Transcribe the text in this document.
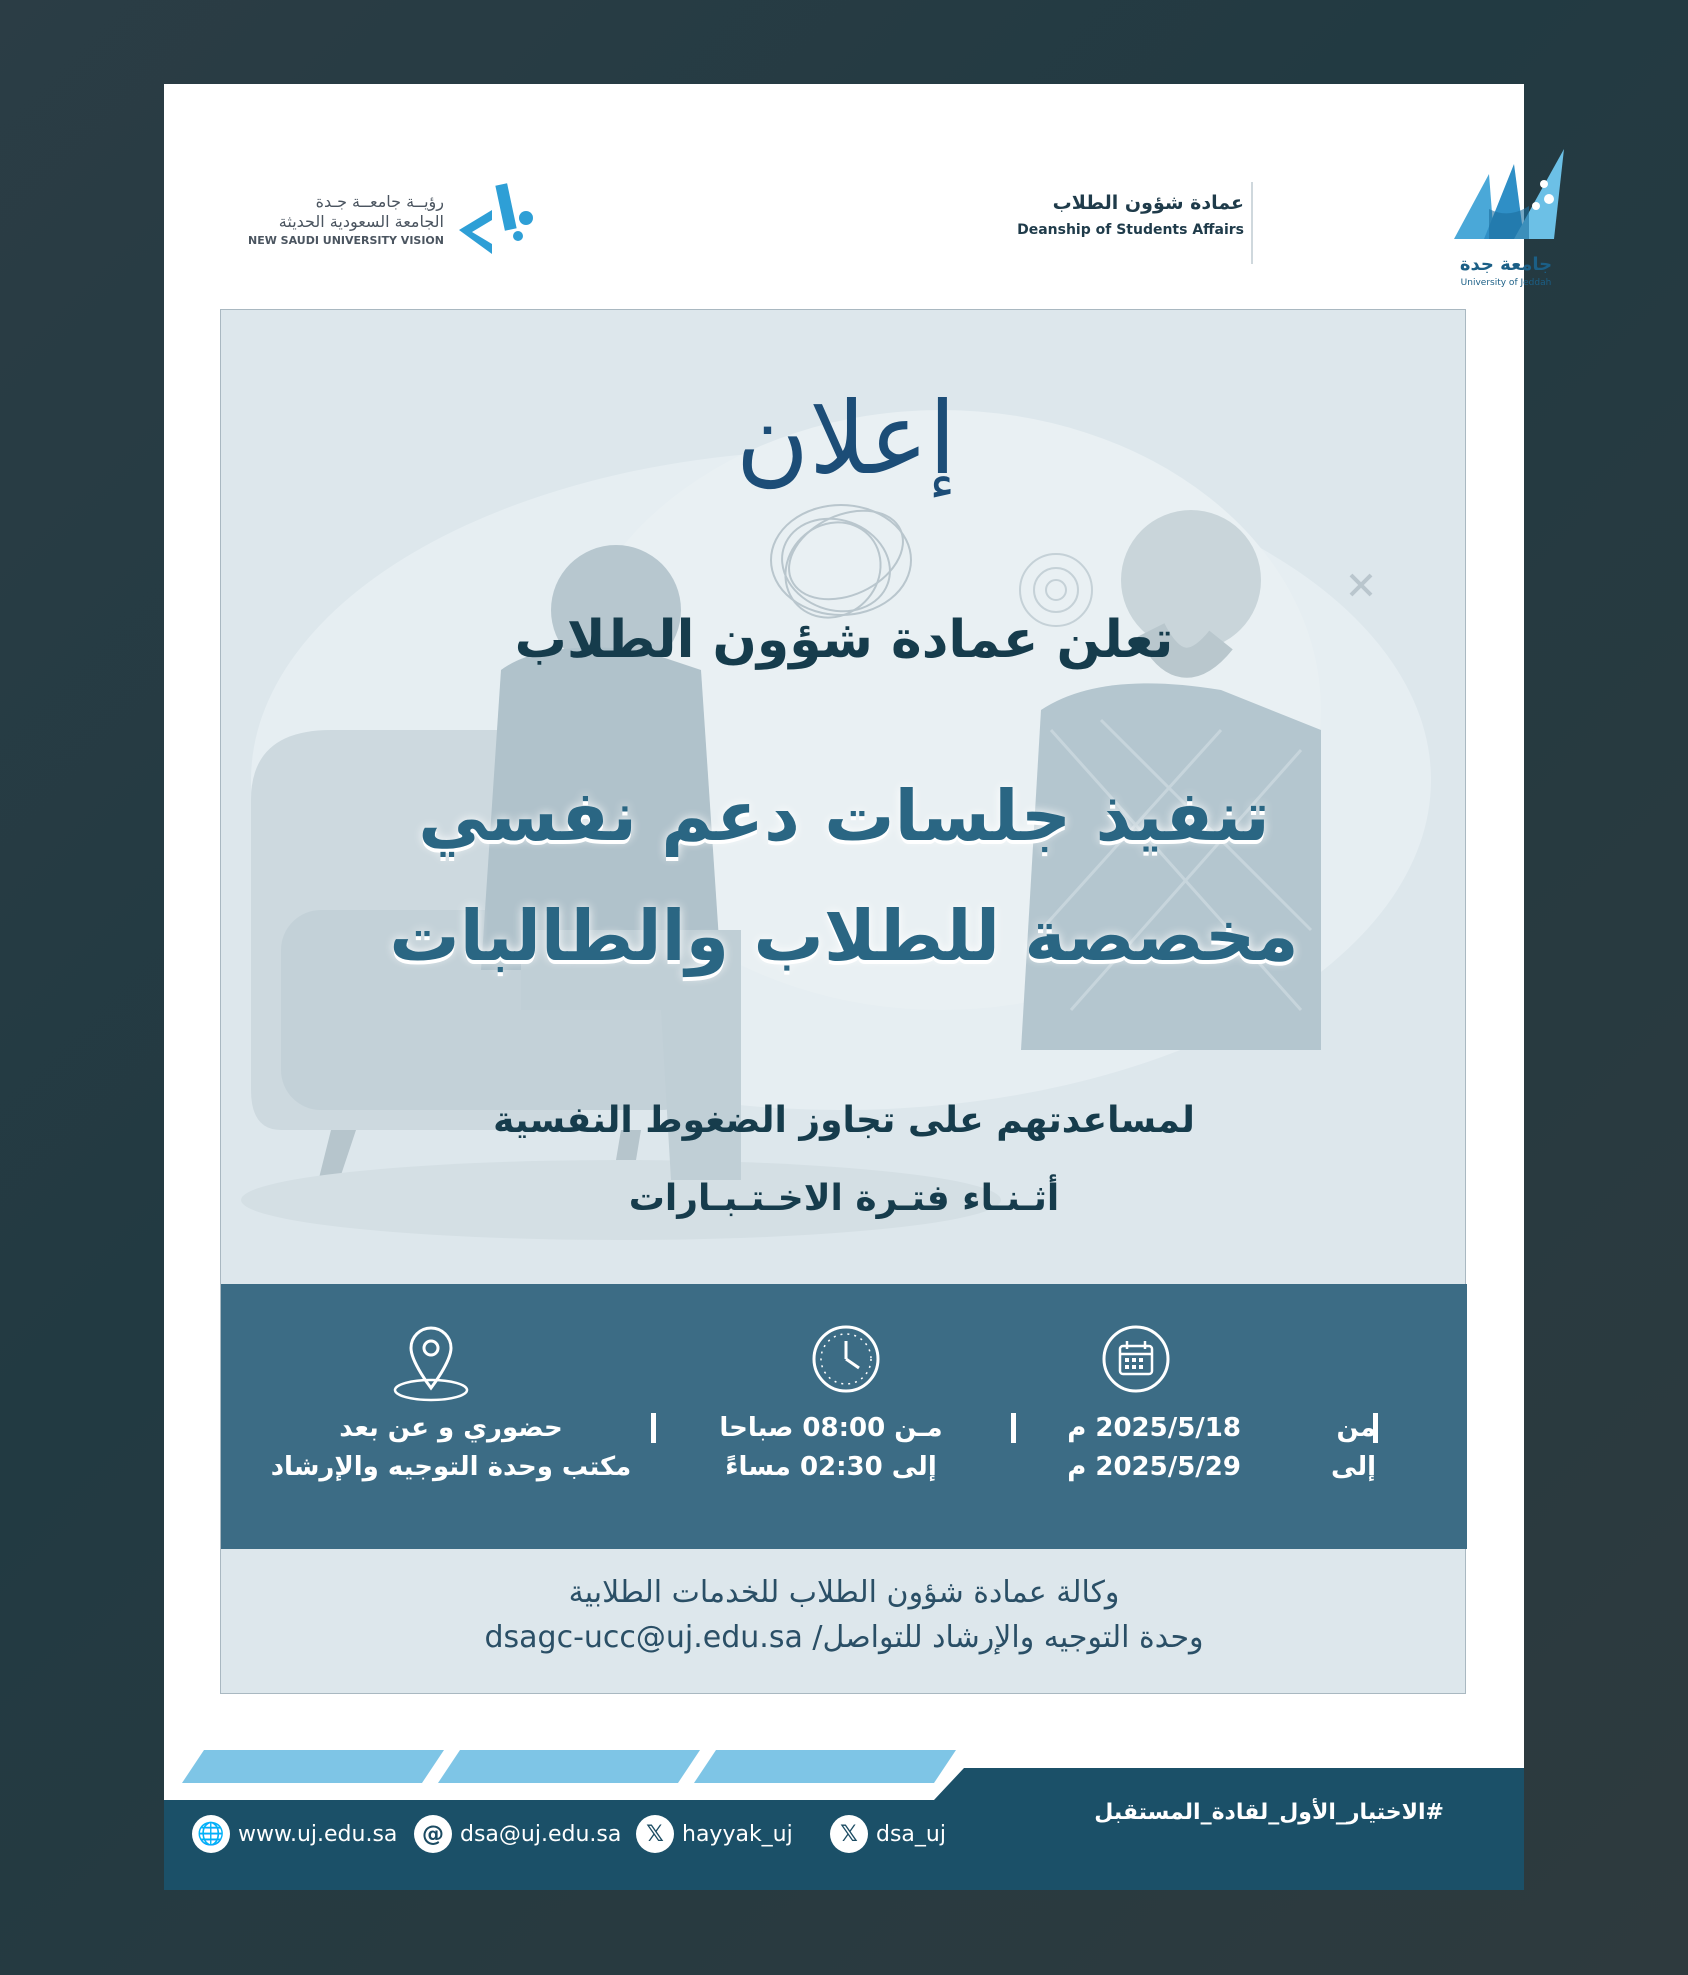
جامعة جدة
University of Jeddah
عمادة شؤون الطلاب
Deanship of Students Affairs
رؤيــة جامعــة جـدة
الجامعة السعودية الحديثة
NEW SAUDI UNIVERSITY VISION
إعلان
تعلن عمادة شؤون الطلاب
تنفيذ جلسات دعم نفسي
مخصصة للطلاب والطالبات
لمساعدتهم على تجاوز الضغوط النفسية
أثـنـاء فتـرة الاخـتـبـارات
من
إلى
2025/5/18 م
2025/5/29 م
مـن 08:00 صباحا
إلى 02:30 مساءً
حضوري و عن بعد
مكتب وحدة التوجيه والإرشاد
وكالة عمادة شؤون الطلاب للخدمات الطلابية
وحدة التوجيه والإرشاد للتواصل/ dsagc-ucc@uj.edu.sa
#الاختيار_الأول_لقادة_المستقبل
🌐 www.uj.edu.sa	@ dsa@uj.edu.sa	𝕏 hayyak_uj	𝕏 dsa_uj
